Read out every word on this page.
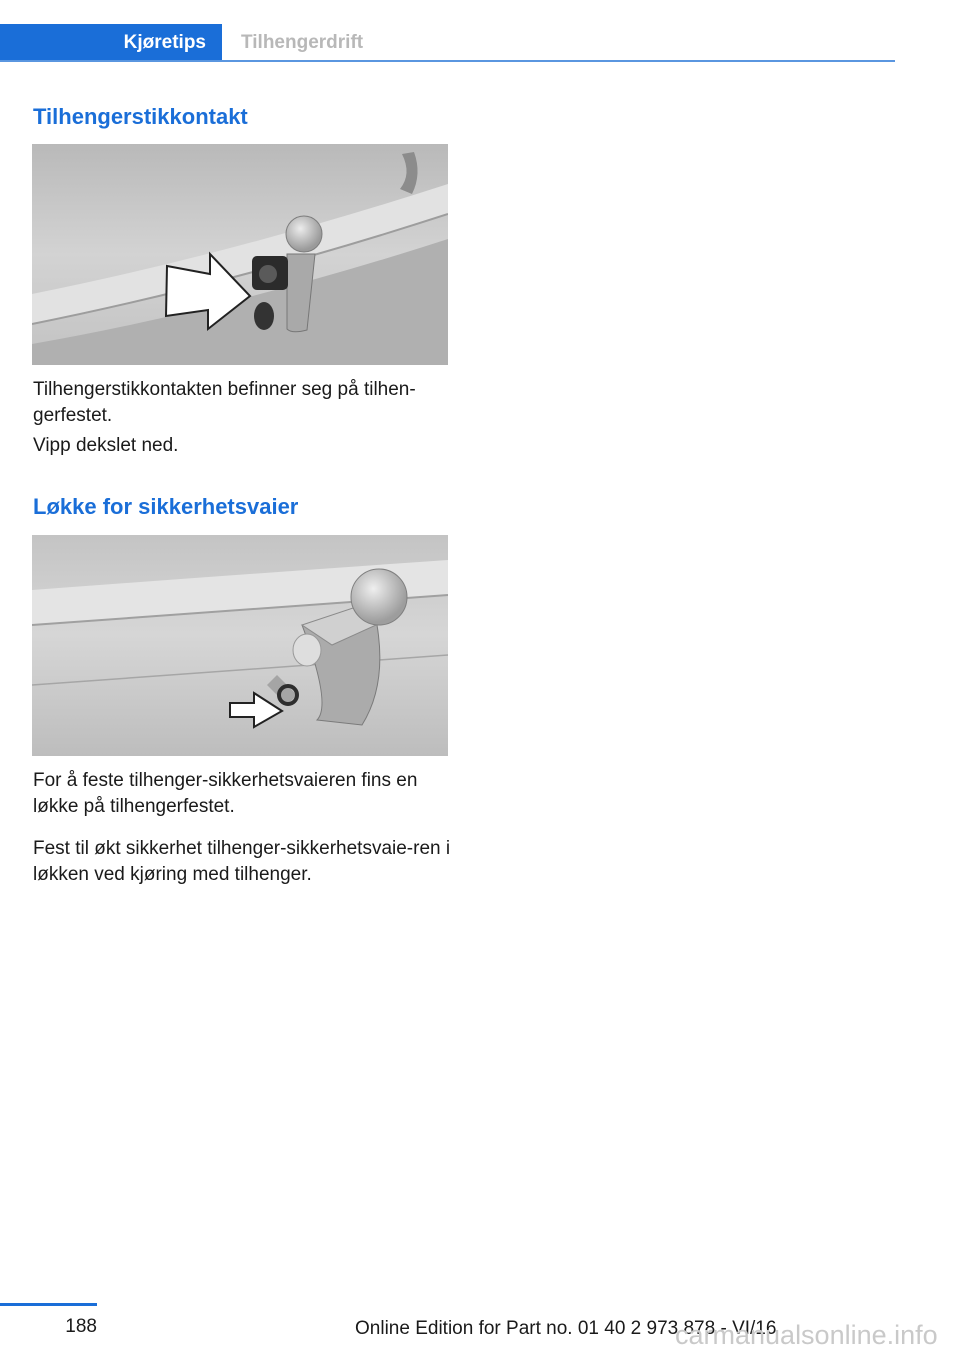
Kjøretips	Tilhengerdrift
Tilhengerstikkontakt

Tilhengerstikkontakten befinner seg på tilhen‐gerfestet.

Vipp dekslet ned.

Løkke for sikkerhetsvaier

For å feste tilhenger-sikkerhetsvaieren fins en løkke på tilhengerfestet.

Fest til økt sikkerhet tilhenger-sikkerhetsvaie‐ren i løkken ved kjøring med tilhenger.

188	Online Edition for Part no. 01 40 2 973 878 - VI/16
carmanualsonline.info
